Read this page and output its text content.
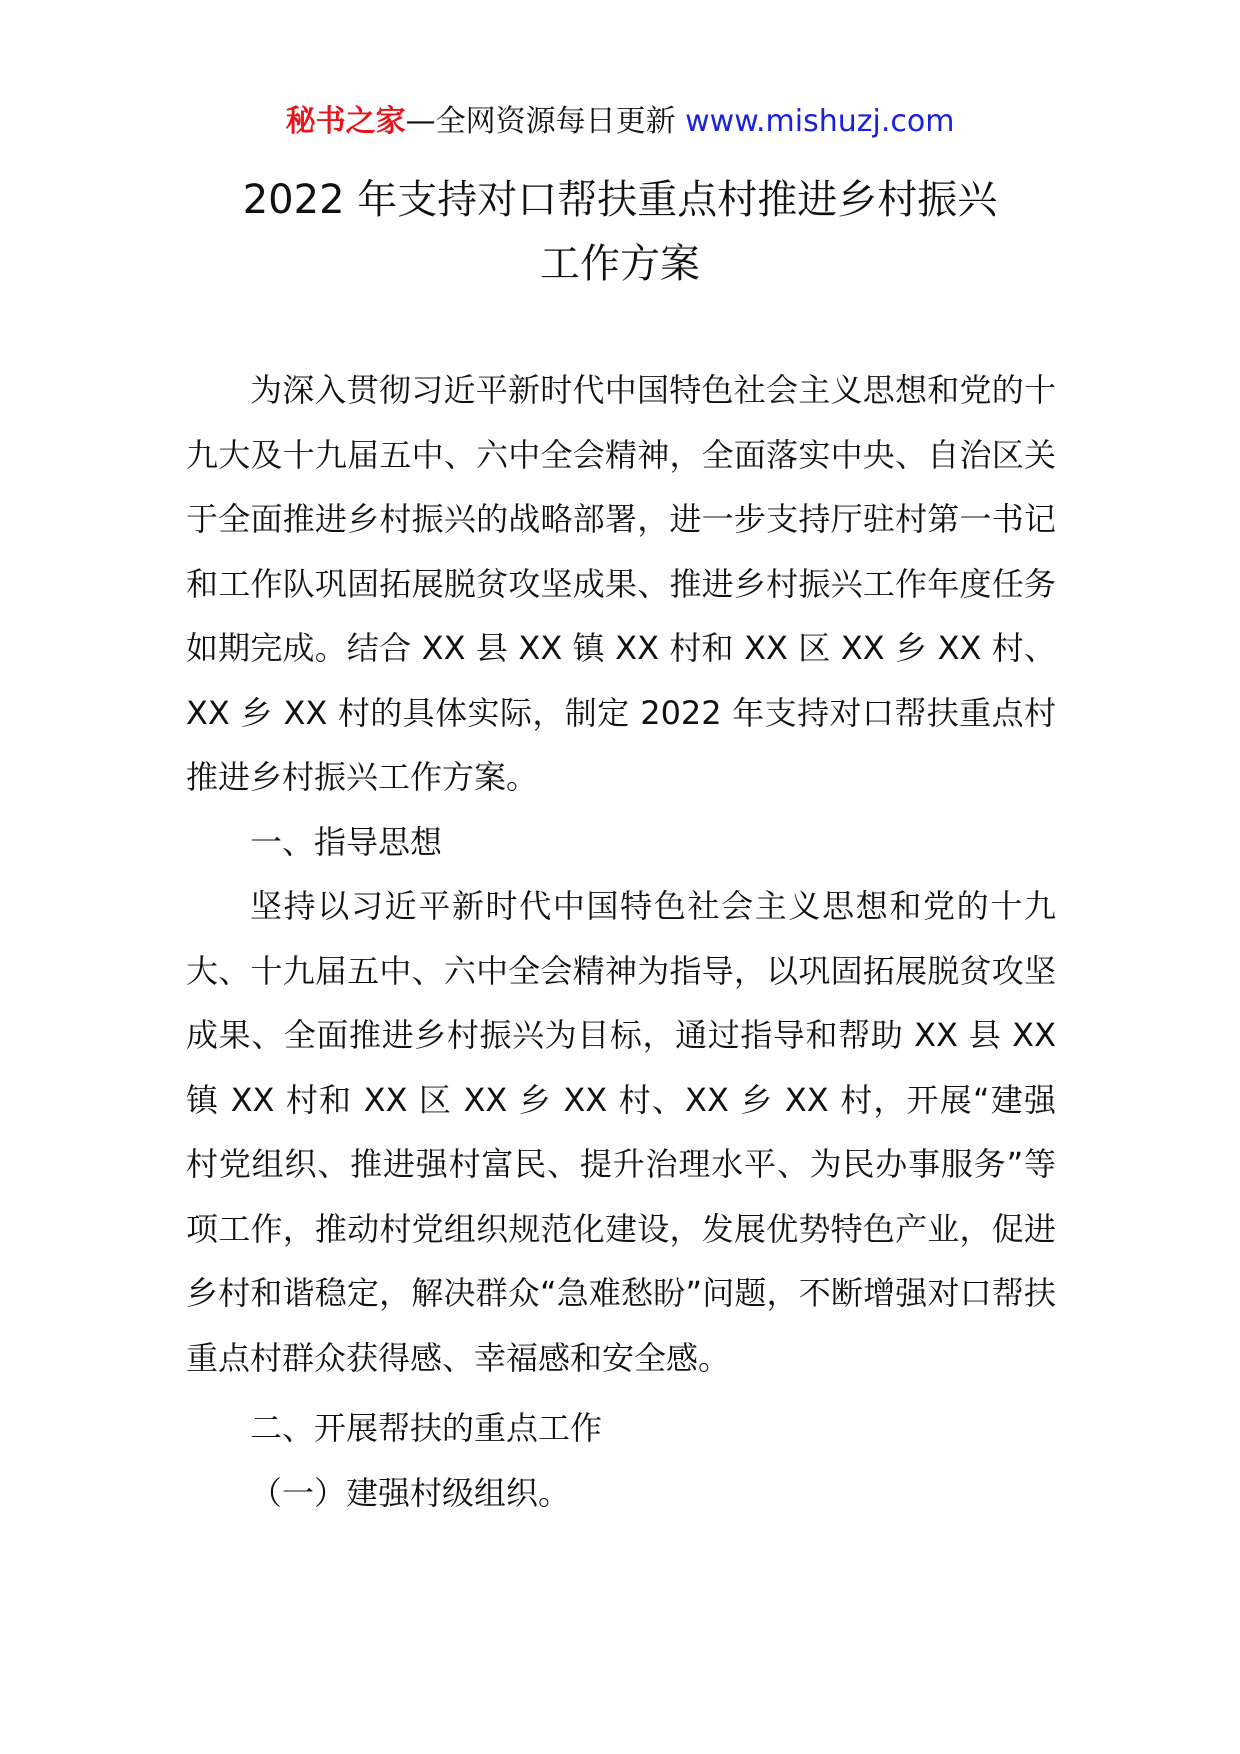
秘书之家—全网资源每日更新 www.mishuzj.com
2022 年支持对口帮扶重点村推进乡村振兴
工作方案

为深入贯彻习近平新时代中国特色社会主义思想和党的十九大及十九届五中、六中全会精神，全面落实中央、自治区关于全面推进乡村振兴的战略部署，进一步支持厅驻村第一书记和工作队巩固拓展脱贫攻坚成果、推进乡村振兴工作年度任务如期完成。结合 XX 县 XX 镇 XX 村和 XX 区 XX 乡 XX 村、XX 乡 XX 村的具体实际，制定 2022 年支持对口帮扶重点村推进乡村振兴工作方案。

一、指导思想

坚持以习近平新时代中国特色社会主义思想和党的十九大、十九届五中、六中全会精神为指导，以巩固拓展脱贫攻坚成果、全面推进乡村振兴为目标，通过指导和帮助 XX 县 XX 镇 XX 村和 XX 区 XX 乡 XX 村、XX 乡 XX 村，开展“建强村党组织、推进强村富民、提升治理水平、为民办事服务”等项工作，推动村党组织规范化建设，发展优势特色产业，促进乡村和谐稳定，解决群众“急难愁盼”问题，不断增强对口帮扶重点村群众获得感、幸福感和安全感。

二、开展帮扶的重点工作

（一）建强村级组织。
